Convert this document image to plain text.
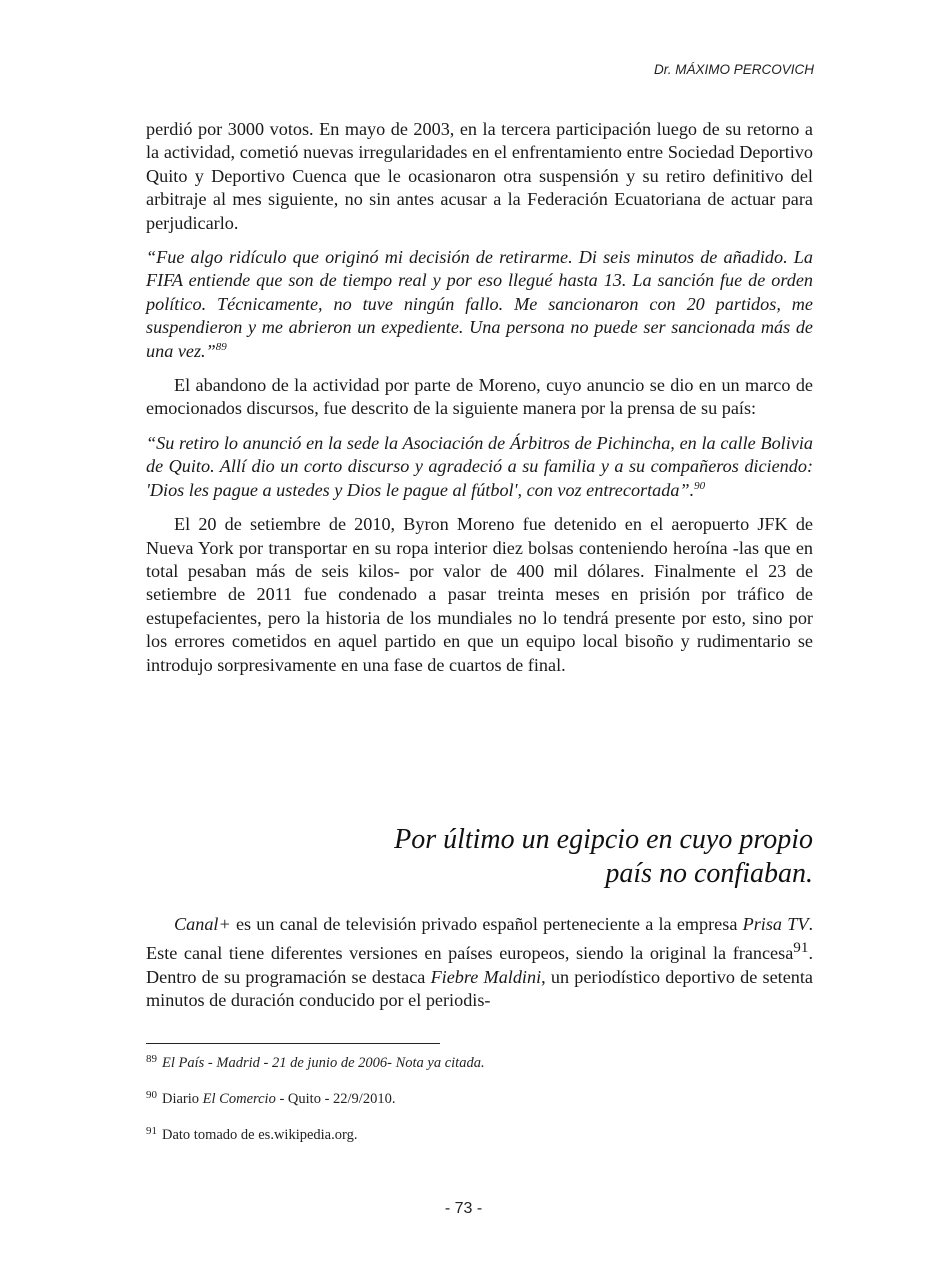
Dr. MÁXIMO PERCOVICH

perdió por 3000 votos. En mayo de 2003, en la tercera participación luego de su retorno a la actividad, cometió nuevas irregularidades en el enfrentamiento entre Sociedad Deportivo Quito y Deportivo Cuenca que le ocasionaron otra suspensión y su retiro definitivo del arbitraje al mes siguiente, no sin antes acusar a la Federación Ecuatoriana de actuar para perjudicarlo.

“Fue algo ridículo que originó mi decisión de retirarme. Di seis minutos de añadido. La FIFA entiende que son de tiempo real y por eso llegué hasta 13. La sanción fue de orden político. Técnicamente, no tuve ningún fallo. Me sancionaron con 20 partidos, me suspendieron y me abrieron un expediente. Una persona no puede ser sancionada más de una vez.”$^{89}$

El abandono de la actividad por parte de Moreno, cuyo anuncio se dio en un marco de emocionados discursos, fue descrito de la siguiente manera por la prensa de su país:

“Su retiro lo anunció en la sede la Asociación de Árbitros de Pichincha, en la calle Bolivia de Quito. Allí dio un corto discurso y agradeció a su familia y a su compañeros diciendo: 'Dios les pague a ustedes y Dios le pague al fútbol', con voz entrecortada”.$^{90}$

El 20 de setiembre de 2010, Byron Moreno fue detenido en el aeropuerto JFK de Nueva York por transportar en su ropa interior diez bolsas conteniendo heroína -las que en total pesaban más de seis kilos- por valor de 400 mil dólares. Finalmente el 23 de setiembre de 2011 fue condenado a pasar treinta meses en prisión por tráfico de estupefacientes, pero la historia de los mundiales no lo tendrá presente por esto, sino por los errores cometidos en aquel partido en que un equipo local bisoño y rudimentario se introdujo sorpresivamente en una fase de cuartos de final.

Por último un egipcio en cuyo propio
país no confiaban.

Canal+ es un canal de televisión privado español perteneciente a la empresa Prisa TV. Este canal tiene diferentes versiones en países europeos, siendo la original la francesa$^{91}$. Dentro de su programación se destaca Fiebre Maldini, un periodístico deportivo de setenta minutos de duración conducido por el periodis-

$^{89}$ El País - Madrid - 21 de junio de 2006- Nota ya citada.
$^{90}$ Diario El Comercio - Quito - 22/9/2010.
$^{91}$ Dato tomado de es.wikipedia.org.
- 73 -
